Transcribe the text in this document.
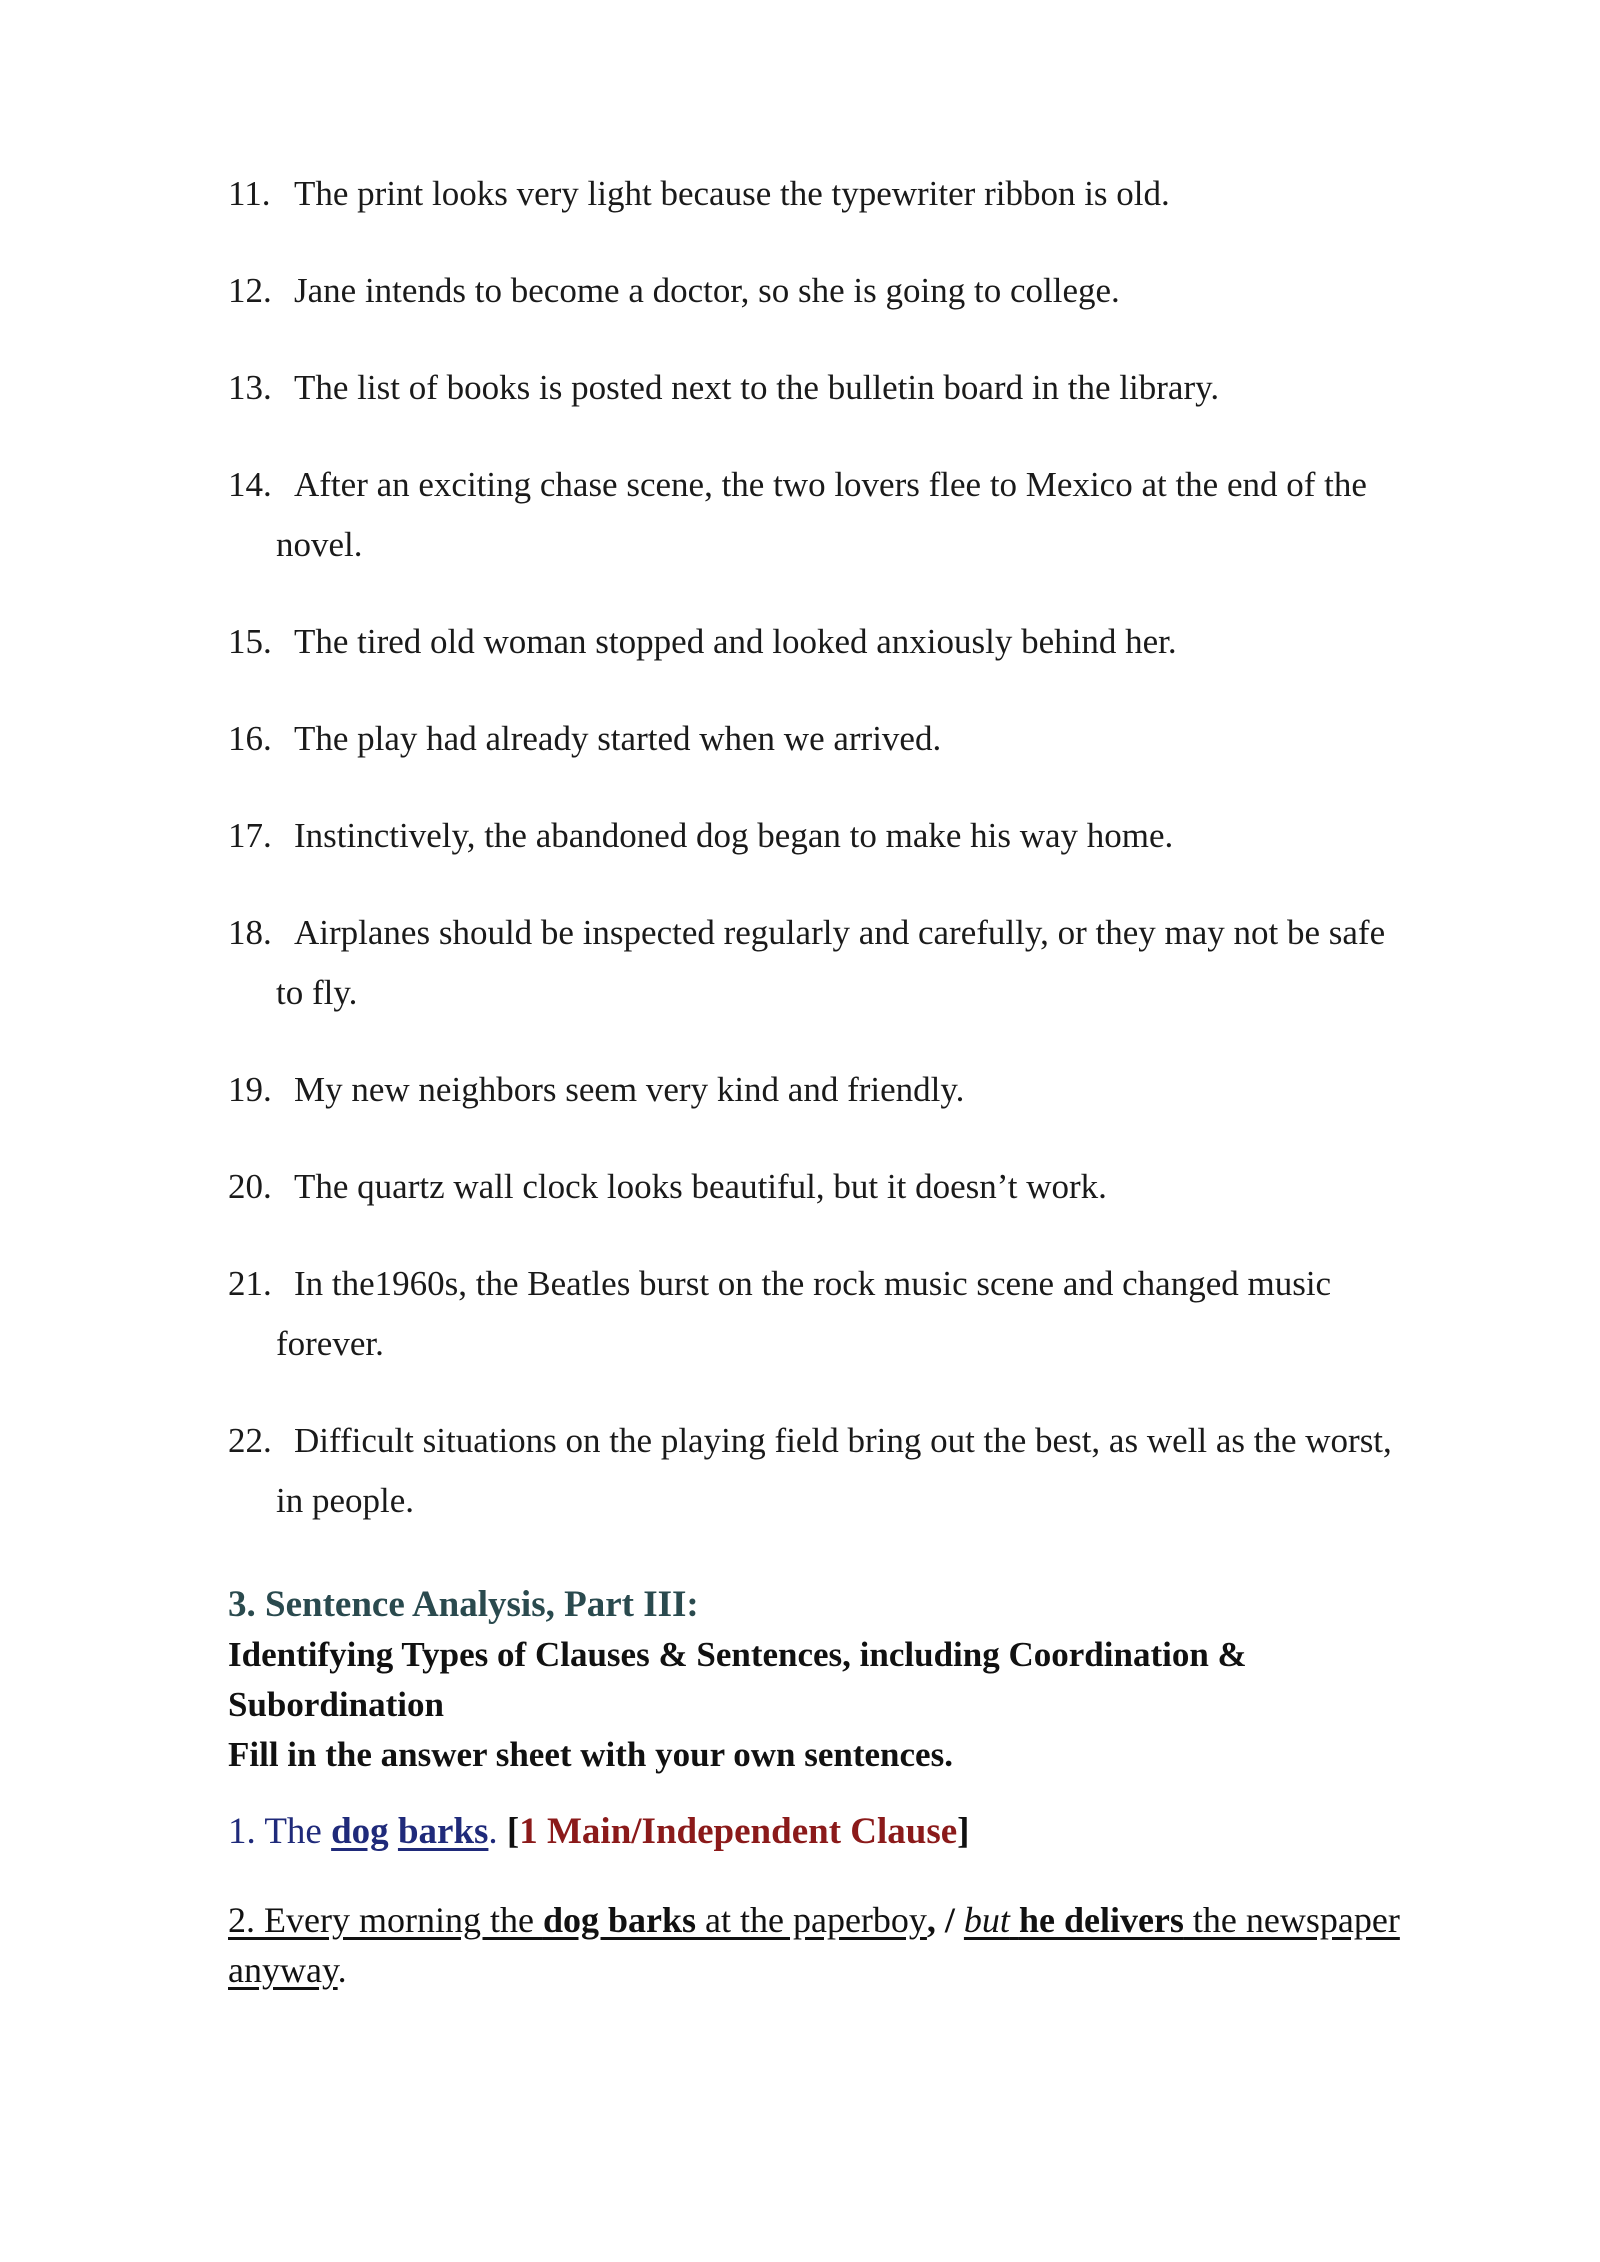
11. The print looks very light because the typewriter ribbon is old.
12. Jane intends to become a doctor, so she is going to college.
13. The list of books is posted next to the bulletin board in the library.
14. After an exciting chase scene, the two lovers flee to Mexico at the end of the
novel.
15. The tired old woman stopped and looked anxiously behind her.
16. The play had already started when we arrived.
17. Instinctively, the abandoned dog began to make his way home.
18. Airplanes should be inspected regularly and carefully, or they may not be safe
to fly.
19. My new neighbors seem very kind and friendly.
20. The quartz wall clock looks beautiful, but it doesn’t work.
21. In the1960s, the Beatles burst on the rock music scene and changed music
forever.
22. Difficult situations on the playing field bring out the best, as well as the worst,
in people.
3. Sentence Analysis, Part III:
Identifying Types of Clauses & Sentences, including Coordination &
Subordination
Fill in the answer sheet with your own sentences.
1. The dog barks. [1 Main/Independent Clause]
2. Every morning the dog barks at the paperboy, / but he delivers the newspaper
anyway.
